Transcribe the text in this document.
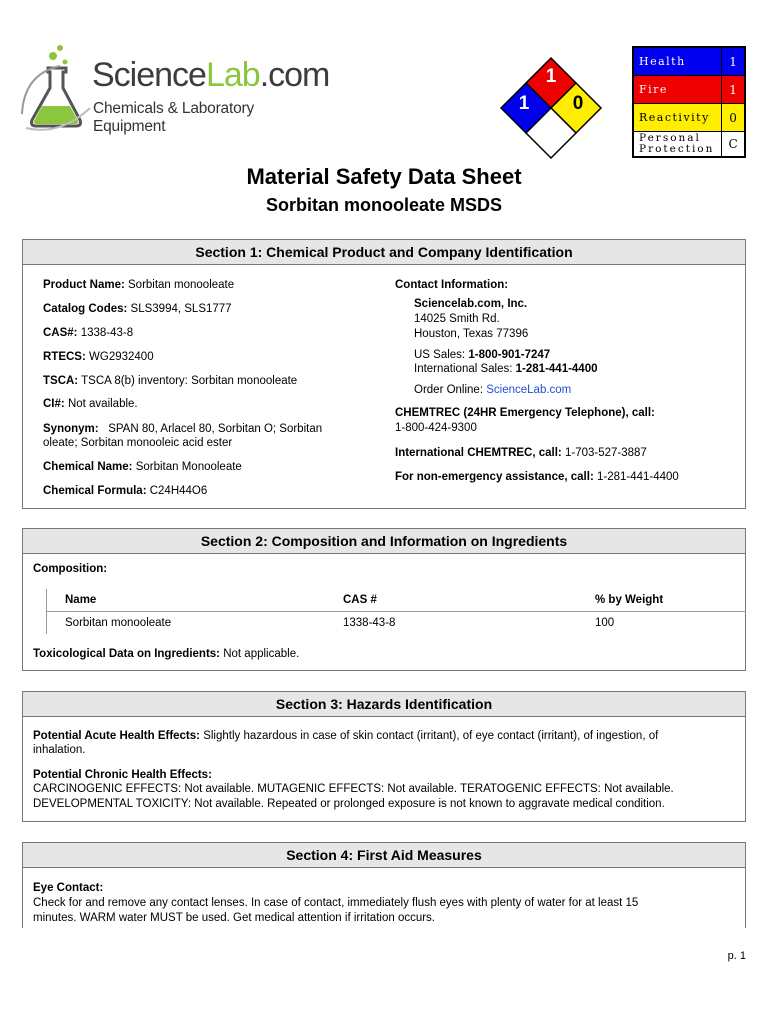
ScienceLab.com
Chemicals & Laboratory Equipment
1
1 0
Health	1
Fire	1
Reactivity	0
Personal
Protection	C
Material Safety Data Sheet
Sorbitan monooleate MSDS
Section 1: Chemical Product and Company Identification
Product Name: Sorbitan monooleate
Catalog Codes: SLS3994, SLS1777
CAS#: 1338-43-8
RTECS: WG2932400
TSCA: TSCA 8(b) inventory: Sorbitan monooleate
CI#: Not available.
Synonym: SPAN 80, Arlacel 80, Sorbitan O; Sorbitan
oleate; Sorbitan monooleic acid ester
Chemical Name: Sorbitan Monooleate
Chemical Formula: C24H44O6
Contact Information:
Sciencelab.com, Inc.
14025 Smith Rd.
Houston, Texas 77396
US Sales: 1-800-901-7247
International Sales: 1-281-441-4400
Order Online: ScienceLab.com
CHEMTREC (24HR Emergency Telephone), call:
1-800-424-9300
International CHEMTREC, call: 1-703-527-3887
For non-emergency assistance, call: 1-281-441-4400
Section 2: Composition and Information on Ingredients
Composition:
Name	CAS #	% by Weight
Sorbitan monooleate	1338-43-8	100
Toxicological Data on Ingredients: Not applicable.
Section 3: Hazards Identification
Potential Acute Health Effects: Slightly hazardous in case of skin contact (irritant), of eye contact (irritant), of ingestion, of
inhalation.
Potential Chronic Health Effects:
CARCINOGENIC EFFECTS: Not available. MUTAGENIC EFFECTS: Not available. TERATOGENIC EFFECTS: Not available.
DEVELOPMENTAL TOXICITY: Not available. Repeated or prolonged exposure is not known to aggravate medical condition.
Section 4: First Aid Measures
Eye Contact:
Check for and remove any contact lenses. In case of contact, immediately flush eyes with plenty of water for at least 15
minutes. WARM water MUST be used. Get medical attention if irritation occurs.
p. 1
